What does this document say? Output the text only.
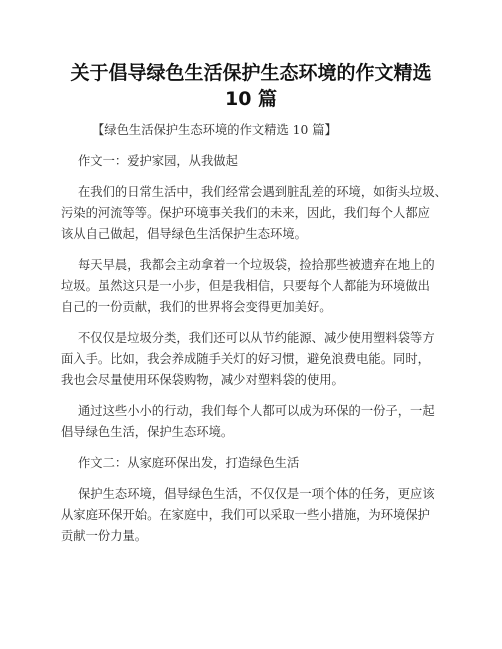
关于倡导绿色生活保护生态环境的作文精选
10 篇
【绿色生活保护生态环境的作文精选 10 篇】
作文一：爱护家园，从我做起
在我们的日常生活中，我们经常会遇到脏乱差的环境，如街头垃圾、
污染的河流等等。保护环境事关我们的未来，因此，我们每个人都应
该从自己做起，倡导绿色生活保护生态环境。
每天早晨，我都会主动拿着一个垃圾袋，捡拾那些被遗弃在地上的
垃圾。虽然这只是一小步，但是我相信，只要每个人都能为环境做出
自己的一份贡献，我们的世界将会变得更加美好。
不仅仅是垃圾分类，我们还可以从节约能源、减少使用塑料袋等方
面入手。比如，我会养成随手关灯的好习惯，避免浪费电能。同时，
我也会尽量使用环保袋购物，减少对塑料袋的使用。
通过这些小小的行动，我们每个人都可以成为环保的一份子，一起
倡导绿色生活，保护生态环境。
作文二：从家庭环保出发，打造绿色生活
保护生态环境，倡导绿色生活，不仅仅是一项个体的任务，更应该
从家庭环保开始。在家庭中，我们可以采取一些小措施，为环境保护
贡献一份力量。
